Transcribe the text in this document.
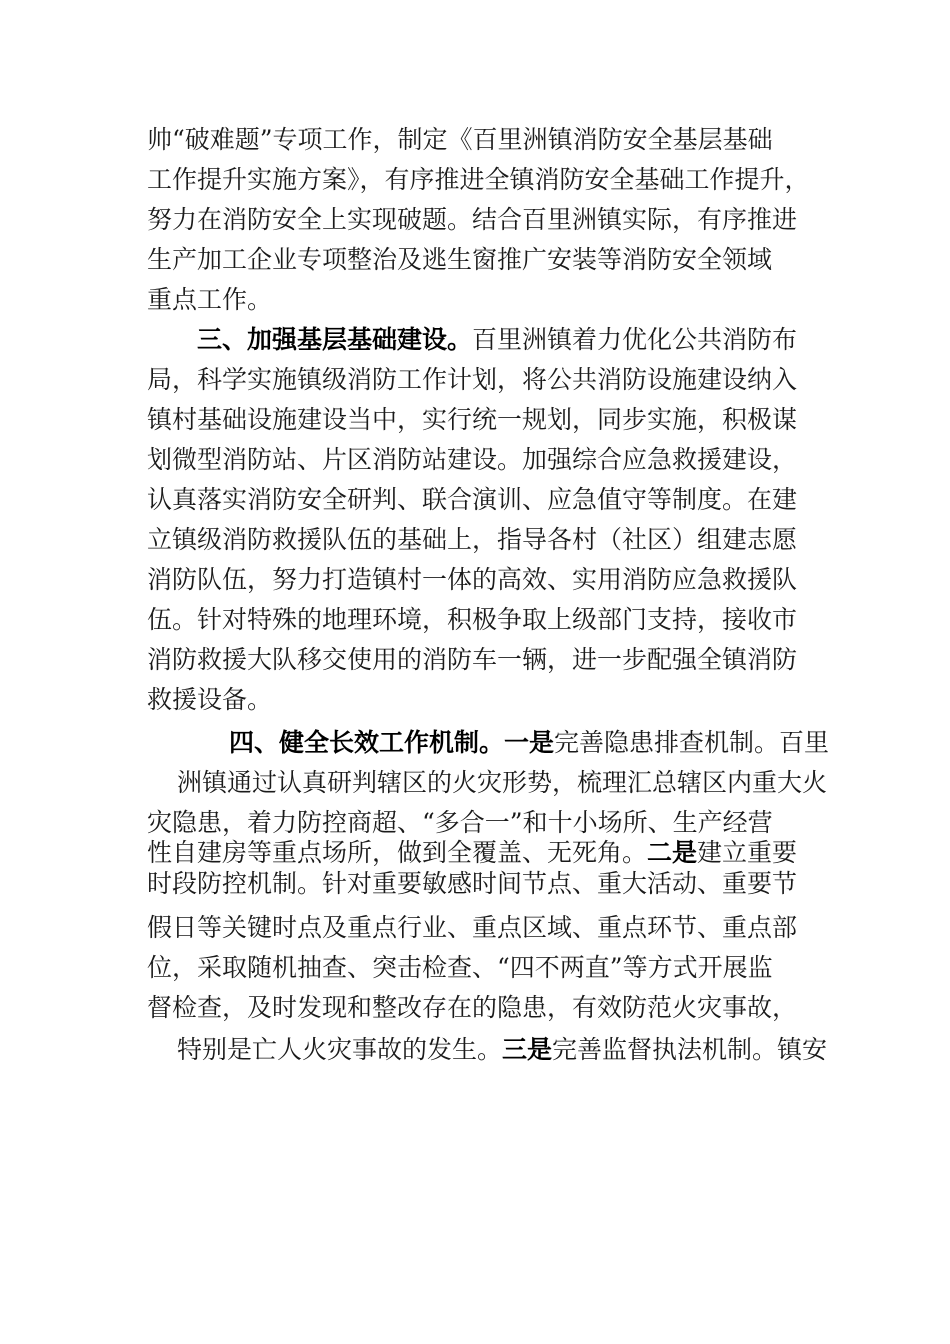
帅“破难题”专项工作，制定《百里洲镇消防安全基层基础
工作提升实施方案》，有序推进全镇消防安全基础工作提升，
努力在消防安全上实现破题。结合百里洲镇实际，有序推进
生产加工企业专项整治及逃生窗推广安装等消防安全领域
重点工作。
三、加强基层基础建设。百里洲镇着力优化公共消防布
局，科学实施镇级消防工作计划，将公共消防设施建设纳入
镇村基础设施建设当中，实行统一规划，同步实施，积极谋
划微型消防站、片区消防站建设。加强综合应急救援建设，
认真落实消防安全研判、联合演训、应急值守等制度。在建
立镇级消防救援队伍的基础上，指导各村（社区）组建志愿
消防队伍，努力打造镇村一体的高效、实用消防应急救援队
伍。针对特殊的地理环境，积极争取上级部门支持，接收市
消防救援大队移交使用的消防车一辆，进一步配强全镇消防
救援设备。
四、健全长效工作机制。一是完善隐患排查机制。百里
洲镇通过认真研判辖区的火灾形势，梳理汇总辖区内重大火
灾隐患，着力防控商超、“多合一”和十小场所、生产经营
性自建房等重点场所，做到全覆盖、无死角。二是建立重要
时段防控机制。针对重要敏感时间节点、重大活动、重要节
假日等关键时点及重点行业、重点区域、重点环节、重点部
位，采取随机抽查、突击检查、“四不两直”等方式开展监
督检查，及时发现和整改存在的隐患，有效防范火灾事故，
特别是亡人火灾事故的发生。三是完善监督执法机制。镇安
